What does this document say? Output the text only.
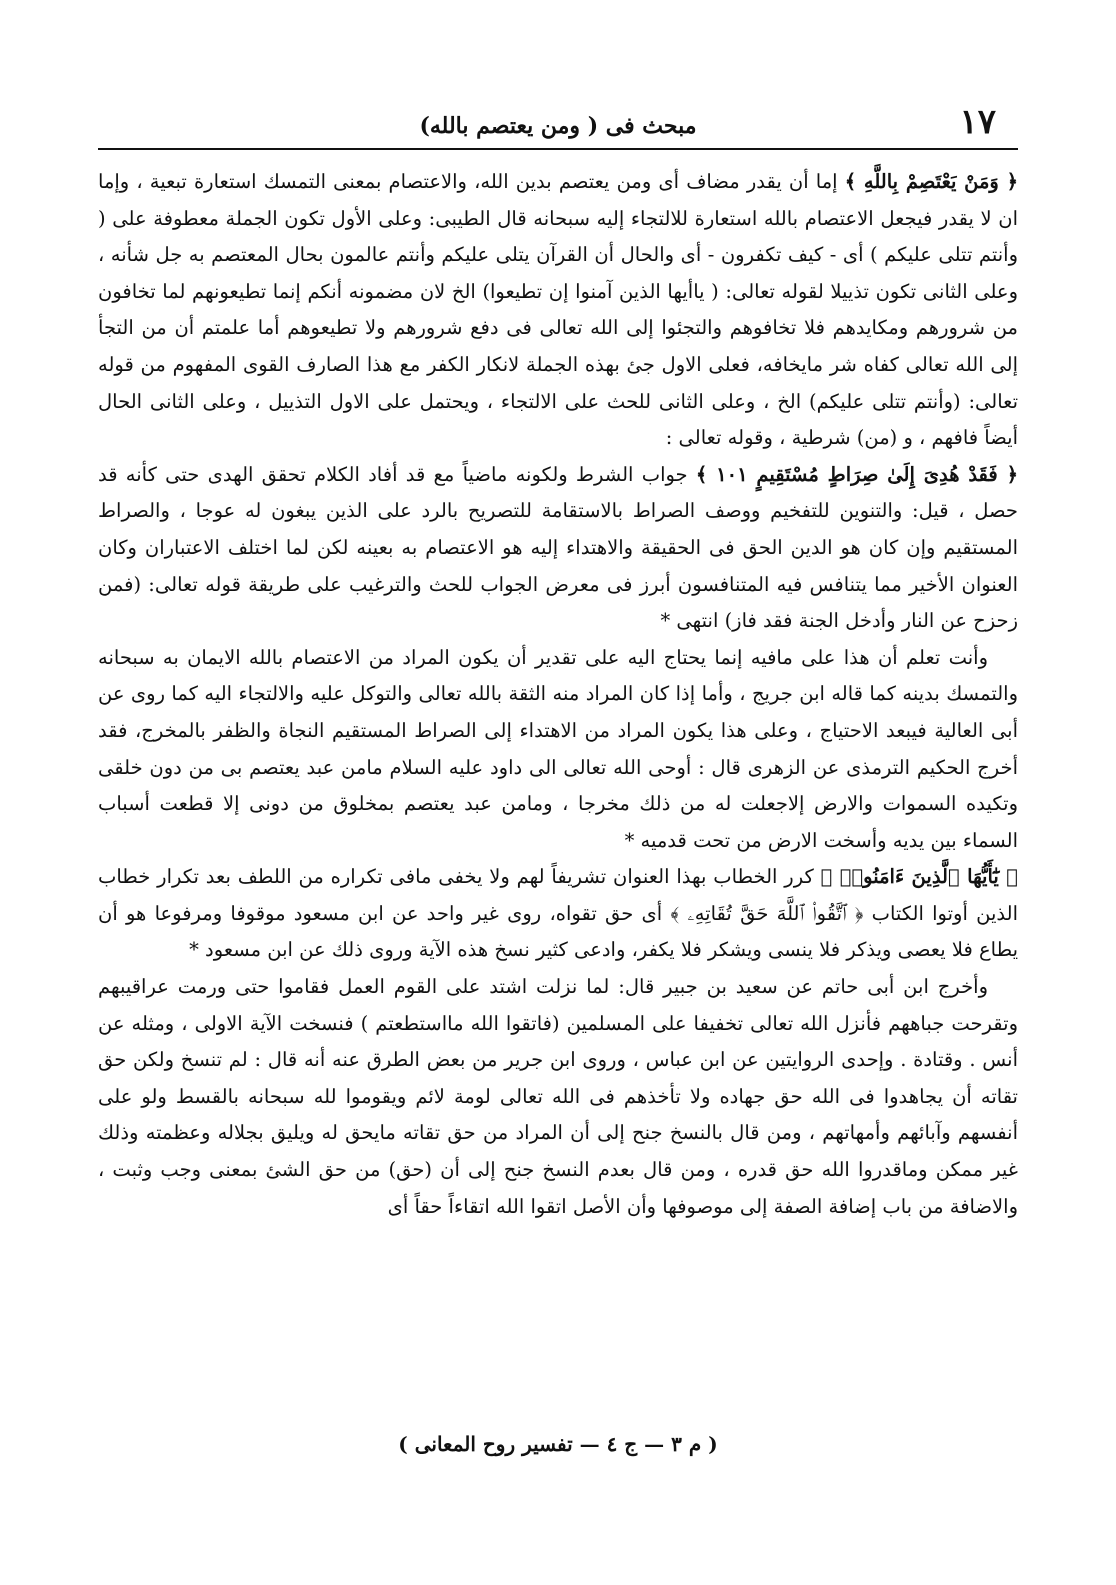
١٧
مبحث فى ( ومن يعتصم بالله)

﴿ وَمَنْ يَعْتَصِمْ بِاللَّهِ ﴾ إما أن يقدر مضاف أى ومن يعتصم بدين الله، والاعتصام بمعنى التمسك استعارة تبعية ، وإما ان لا يقدر فيجعل الاعتصام بالله استعارة للالتجاء إليه سبحانه قال الطيبى: وعلى الأول تكون الجملة معطوفة على ( وأنتم تتلى عليكم ) أى - كيف تكفرون - أى والحال أن القرآن يتلى عليكم وأنتم عالمون بحال المعتصم به جل شأنه ، وعلى الثانى تكون تذييلا لقوله تعالى: ( ياأيها الذين آمنوا إن تطيعوا) الخ لان مضمونه أنكم إنما تطيعونهم لما تخافون من شرورهم ومكايدهم فلا تخافوهم والتجئوا إلى الله تعالى فى دفع شرورهم ولا تطيعوهم أما علمتم أن من التجأ إلى الله تعالى كفاه شر مايخافه، فعلى الاول جئ بهذه الجملة لانكار الكفر مع هذا الصارف القوى المفهوم من قوله تعالى: (وأنتم تتلى عليكم) الخ ، وعلى الثانى للحث على الالتجاء ، ويحتمل على الاول التذييل ، وعلى الثانى الحال أيضاً فافهم ، و (من) شرطية ، وقوله تعالى :

﴿ فَقَدْ هُدِىَ إِلَىٰ صِرَاطٍ مُسْتَقِيمٍ ١٠١ ﴾ جواب الشرط ولكونه ماضياً مع قد أفاد الكلام تحقق الهدى حتى كأنه قد حصل ، قيل: والتنوين للتفخيم ووصف الصراط بالاستقامة للتصريح بالرد على الذين يبغون له عوجا ، والصراط المستقيم وإن كان هو الدين الحق فى الحقيقة والاهتداء إليه هو الاعتصام به بعينه لكن لما اختلف الاعتباران وكان العنوان الأخير مما يتنافس فيه المتنافسون أبرز فى معرض الجواب للحث والترغيب على طريقة قوله تعالى: (فمن زحزح عن النار وأدخل الجنة فقد فاز) انتهى *

وأنت تعلم أن هذا على مافيه إنما يحتاج اليه على تقدير أن يكون المراد من الاعتصام بالله الايمان به سبحانه والتمسك بدينه كما قاله ابن جريج ، وأما إذا كان المراد منه الثقة بالله تعالى والتوكل عليه والالتجاء اليه كما روى عن أبى العالية فيبعد الاحتياج ، وعلى هذا يكون المراد من الاهتداء إلى الصراط المستقيم النجاة والظفر بالمخرج، فقد أخرج الحكيم الترمذى عن الزهرى قال : أوحى الله تعالى الى داود عليه السلام مامن عبد يعتصم بى من دون خلقى وتكيده السموات والارض إلاجعلت له من ذلك مخرجا ، ومامن عبد يعتصم بمخلوق من دونى إلا قطعت أسباب السماء بين يديه وأسخت الارض من تحت قدميه *

﴿ يَٰٓأَيُّهَا ٱلَّذِينَ ءَامَنُوا۟ ﴾ كرر الخطاب بهذا العنوان تشريفاً لهم ولا يخفى مافى تكراره من اللطف بعد تكرار خطاب الذين أوتوا الكتاب ﴿ ٱتَّقُوا۟ ٱللَّهَ حَقَّ تُقَاتِهِۦ ﴾ أى حق تقواه، روى غير واحد عن ابن مسعود موقوفا ومرفوعا هو أن يطاع فلا يعصى ويذكر فلا ينسى ويشكر فلا يكفر، وادعى كثير نسخ هذه الآية وروى ذلك عن ابن مسعود *

وأخرج ابن أبى حاتم عن سعيد بن جبير قال: لما نزلت اشتد على القوم العمل فقاموا حتى ورمت عراقيبهم وتقرحت جباههم فأنزل الله تعالى تخفيفا على المسلمين (فاتقوا الله مااستطعتم ) فنسخت الآية الاولى ، ومثله عن أنس . وقتادة . وإحدى الروايتين عن ابن عباس ، وروى ابن جرير من بعض الطرق عنه أنه قال : لم تنسخ ولكن حق تقاته أن يجاهدوا فى الله حق جهاده ولا تأخذهم فى الله تعالى لومة لائم ويقوموا لله سبحانه بالقسط ولو على أنفسهم وآبائهم وأمهاتهم ، ومن قال بالنسخ جنح إلى أن المراد من حق تقاته مايحق له ويليق بجلاله وعظمته وذلك غير ممكن وماقدروا الله حق قدره ، ومن قال بعدم النسخ جنح إلى أن (حق) من حق الشئ بمعنى وجب وثبت ، والاضافة من باب إضافة الصفة إلى موصوفها وأن الأصل اتقوا الله اتقاءاً حقاً أى

( م ٣ — ج ٤ — تفسير روح المعانى )
